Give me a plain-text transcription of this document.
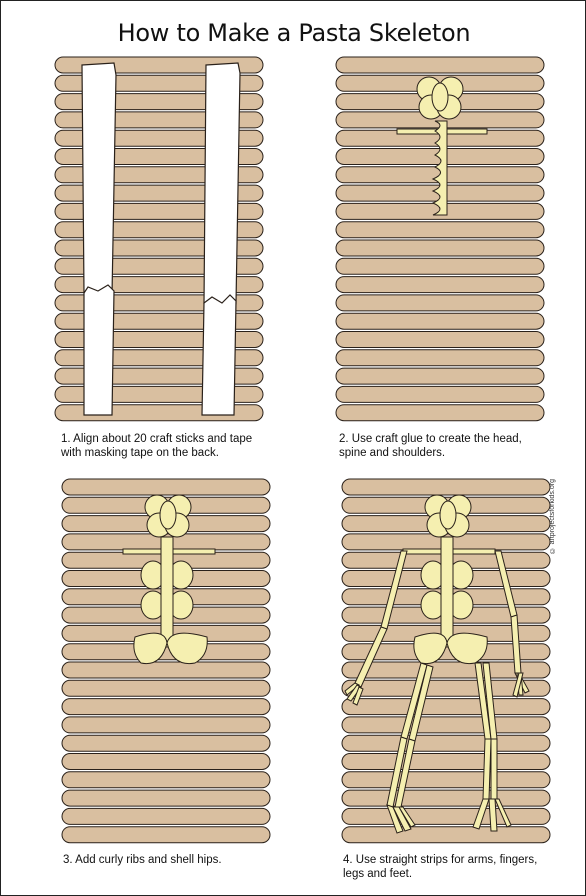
How to Make a Pasta Skeleton
1. Align about 20 craft sticks and tape
with masking tape on the back.
2. Use craft glue to create the head,
spine and shoulders.
3. Add curly ribs and shell hips.	4. Use straight strips for arms, fingers,
legs and feet.
© artprojectsforkids.org
